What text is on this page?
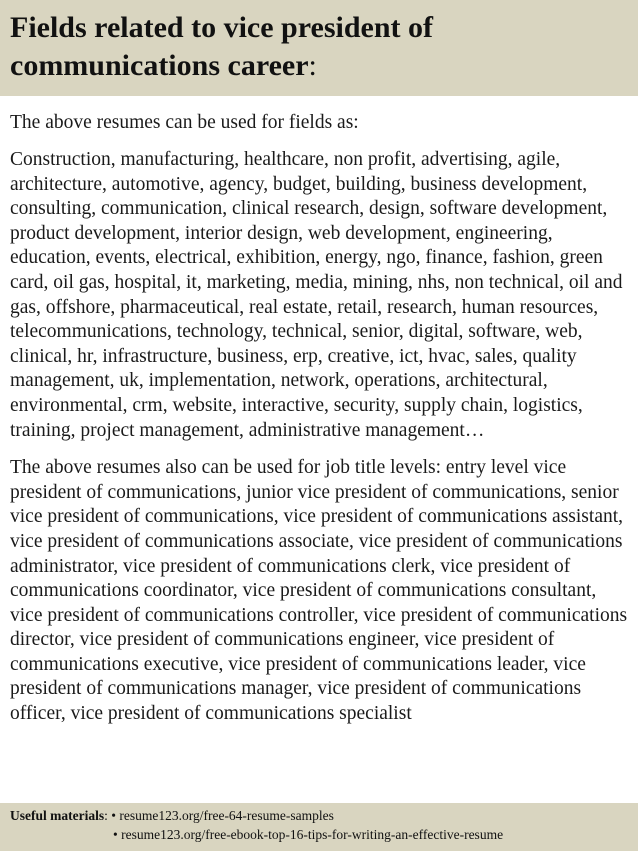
Fields related to vice president of communications career:

The above resumes can be used for fields as:

Construction, manufacturing, healthcare, non profit, advertising, agile, architecture, automotive, agency, budget, building, business development, consulting, communication, clinical research, design, software development, product development, interior design, web development, engineering, education, events, electrical, exhibition, energy, ngo, finance, fashion, green card, oil gas, hospital, it, marketing, media, mining, nhs, non technical, oil and gas, offshore, pharmaceutical, real estate, retail, research, human resources, telecommunications, technology, technical, senior, digital, software, web, clinical, hr, infrastructure, business, erp, creative, ict, hvac, sales, quality management, uk, implementation, network, operations, architectural, environmental, crm, website, interactive, security, supply chain, logistics, training, project management, administrative management…

The above resumes also can be used for job title levels: entry level vice president of communications, junior vice president of communications, senior vice president of communications, vice president of communications assistant, vice president of communications associate, vice president of communications administrator, vice president of communications clerk, vice president of communications coordinator, vice president of communications consultant, vice president of communications controller, vice president of communications director, vice president of communications engineer, vice president of communications executive, vice president of communications leader, vice president of communications manager, vice president of communications officer, vice president of communications specialist

Useful materials: • resume123.org/free-64-resume-samples
• resume123.org/free-ebook-top-16-tips-for-writing-an-effective-resume
